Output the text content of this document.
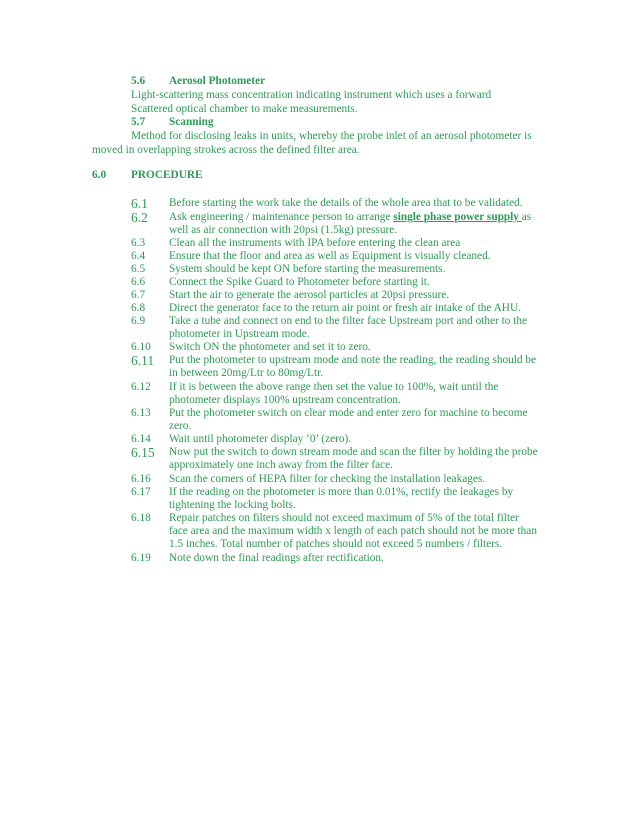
5.6 Aerosol Photometer
Light-scattering mass concentration indicating instrument which uses a forward
Scattered optical chamber to make measurements.
5.7 Scanning
Method for disclosing leaks in units, whereby the probe inlet of an aerosol photometer is
moved in overlapping strokes across the defined filter area.
6.0 PROCEDURE
6.1 Before starting the work take the details of the whole area that to be validated.
6.2 Ask engineering / maintenance person to arrange single phase power supply as
well as air connection with 20psi (1.5kg) pressure.
6.3 Clean all the instruments with IPA before entering the clean area
6.4 Ensure that the floor and area as well as Equipment is visually cleaned.
6.5 System should be kept ON before starting the measurements.
6.6 Connect the Spike Guard to Photometer before starting it.
6.7 Start the air to generate the aerosol particles at 20psi pressure.
6.8 Direct the generator face to the return air point or fresh air intake of the AHU.
6.9 Take a tube and connect on end to the filter face Upstream port and other to the
photometer in Upstream mode.
6.10 Switch ON the photometer and set it to zero.
6.11 Put the photometer to upstream mode and note the reading, the reading should be
in between 20mg/Ltr to 80mg/Ltr.
6.12 If it is between the above range then set the value to 100%, wait until the
photometer displays 100% upstream concentration.
6.13 Put the photometer switch on clear mode and enter zero for machine to become
zero.
6.14 Wait until photometer display ‘0’ (zero).
6.15 Now put the switch to down stream mode and scan the filter by holding the probe
approximately one inch away from the filter face.
6.16 Scan the corners of HEPA filter for checking the installation leakages.
6.17 If the reading on the photometer is more than 0.01%, rectify the leakages by
tightening the locking bolts.
6.18 Repair patches on filters should not exceed maximum of 5% of the total filter
face area and the maximum width x length of each patch should not be more than
1.5 inches. Total number of patches should not exceed 5 numbers / filters.
6.19 Note down the final readings after rectification.
